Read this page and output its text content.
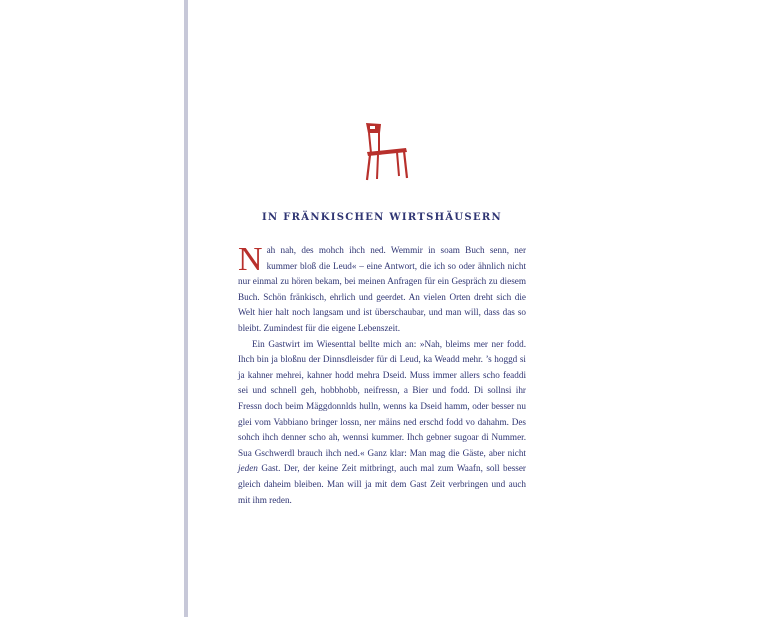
IN FRÄNKISCHEN WIRTSHÄUSERN

Nah nah, des mohch ihch ned. Wemmir in soam Buch senn, ner kummer bloß die Leud« – eine Antwort, die ich so oder ähnlich nicht nur einmal zu hören bekam, bei meinen Anfragen für ein Gespräch zu diesem Buch. Schön fränkisch, ehrlich und geerdet. An vielen Orten dreht sich die Welt hier halt noch langsam und ist überschaubar, und man will, dass das so bleibt. Zumindest für die eigene Lebenszeit.

Ein Gastwirt im Wiesenttal bellte mich an: »Nah, bleims mer ner fodd. Ihch bin ja bloßnu der Dinnsdleisder für di Leud, ka Weadd mehr. ’s hoggd si ja kahner mehrei, kahner hodd mehra Dseid. Muss immer allers scho feaddi sei und schnell geh, hobbhobb, neifressn, a Bier und fodd. Di sollnsi ihr Fressn doch beim Mäggdonnlds hulln, wenns ka Dseid hamm, oder besser nu glei vom Vabbiano bringer lossn, ner mäins ned erschd fodd vo dahahm. Des sohch ihch denner scho ah, wennsi kummer. Ihch gebner sugoar di Nummer. Sua Gschwerdl brauch ihch ned.« Ganz klar: Man mag die Gäste, aber nicht jeden Gast. Der, der keine Zeit mitbringt, auch mal zum Waafn, soll besser gleich daheim bleiben. Man will ja mit dem Gast Zeit verbringen und auch mit ihm reden.
